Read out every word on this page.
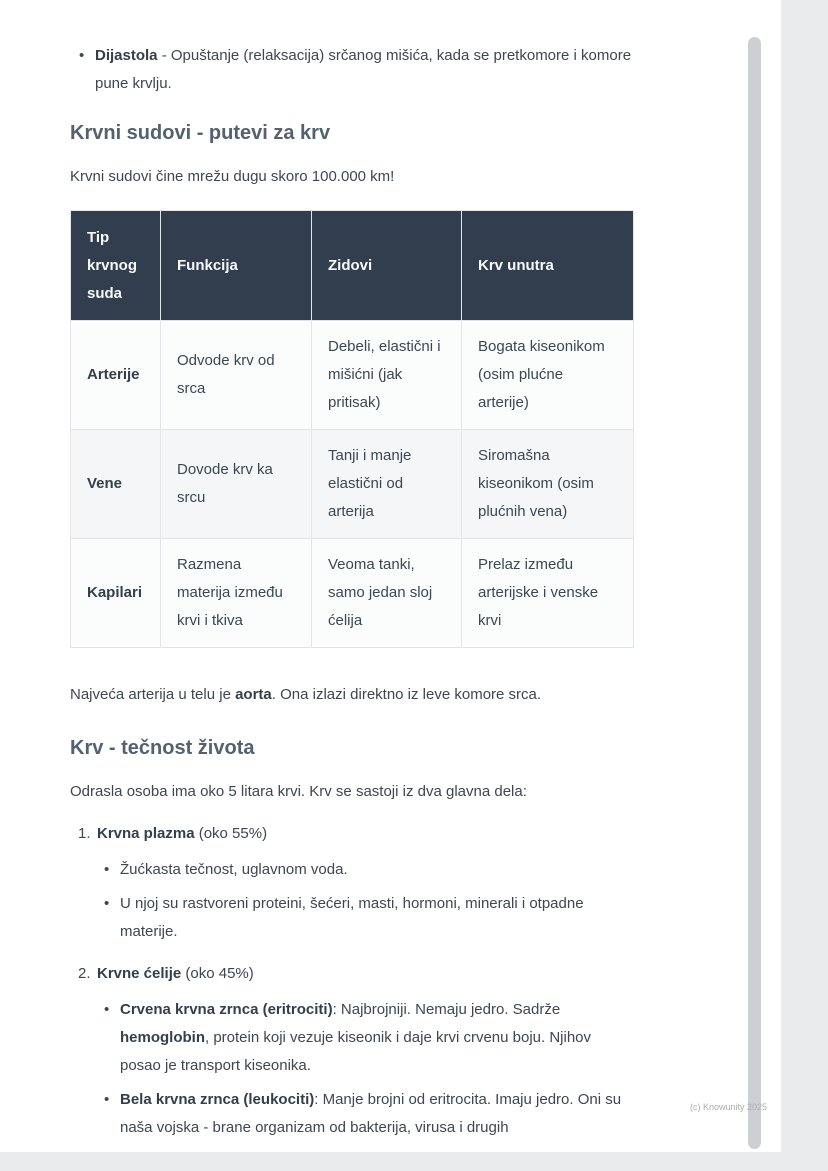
• Dijastola - Opuštanje (relaksacija) srčanog mišića, kada se pretkomore i komore pune krvlju.
Krvni sudovi - putevi za krv

Krvni sudovi čine mrežu dugu skoro 100.000 km!

Tip krvnog suda	Funkcija	Zidovi	Krv unutra
Arterije	Odvode krv od srca	Debeli, elastični i mišićni (jak pritisak)	Bogata kiseonikom (osim plućne arterije)
Vene	Dovode krv ka srcu	Tanji i manje elastični od arterija	Siromašna kiseonikom (osim plućnih vena)
Kapilari	Razmena materija između krvi i tkiva	Veoma tanki, samo jedan sloj ćelija	Prelaz između arterijske i venske krvi

Najveća arterija u telu je aorta. Ona izlazi direktno iz leve komore srca.

Krv - tečnost života

Odrasla osoba ima oko 5 litara krvi. Krv se sastoji iz dva glavna dela:

1. Krvna plazma (oko 55%)
• Žućkasta tečnost, uglavnom voda.
• U njoj su rastvoreni proteini, šećeri, masti, hormoni, minerali i otpadne materije.
2. Krvne ćelije (oko 45%)
• Crvena krvna zrnca (eritrociti): Najbrojniji. Nemaju jedro. Sadrže hemoglobin, protein koji vezuje kiseonik i daje krvi crvenu boju. Njihov posao je transport kiseonika.
• Bela krvna zrnca (leukociti): Manje brojni od eritrocita. Imaju jedro. Oni su naša vojska - brane organizam od bakterija, virusa i drugih
(c) Knowunity 2025
